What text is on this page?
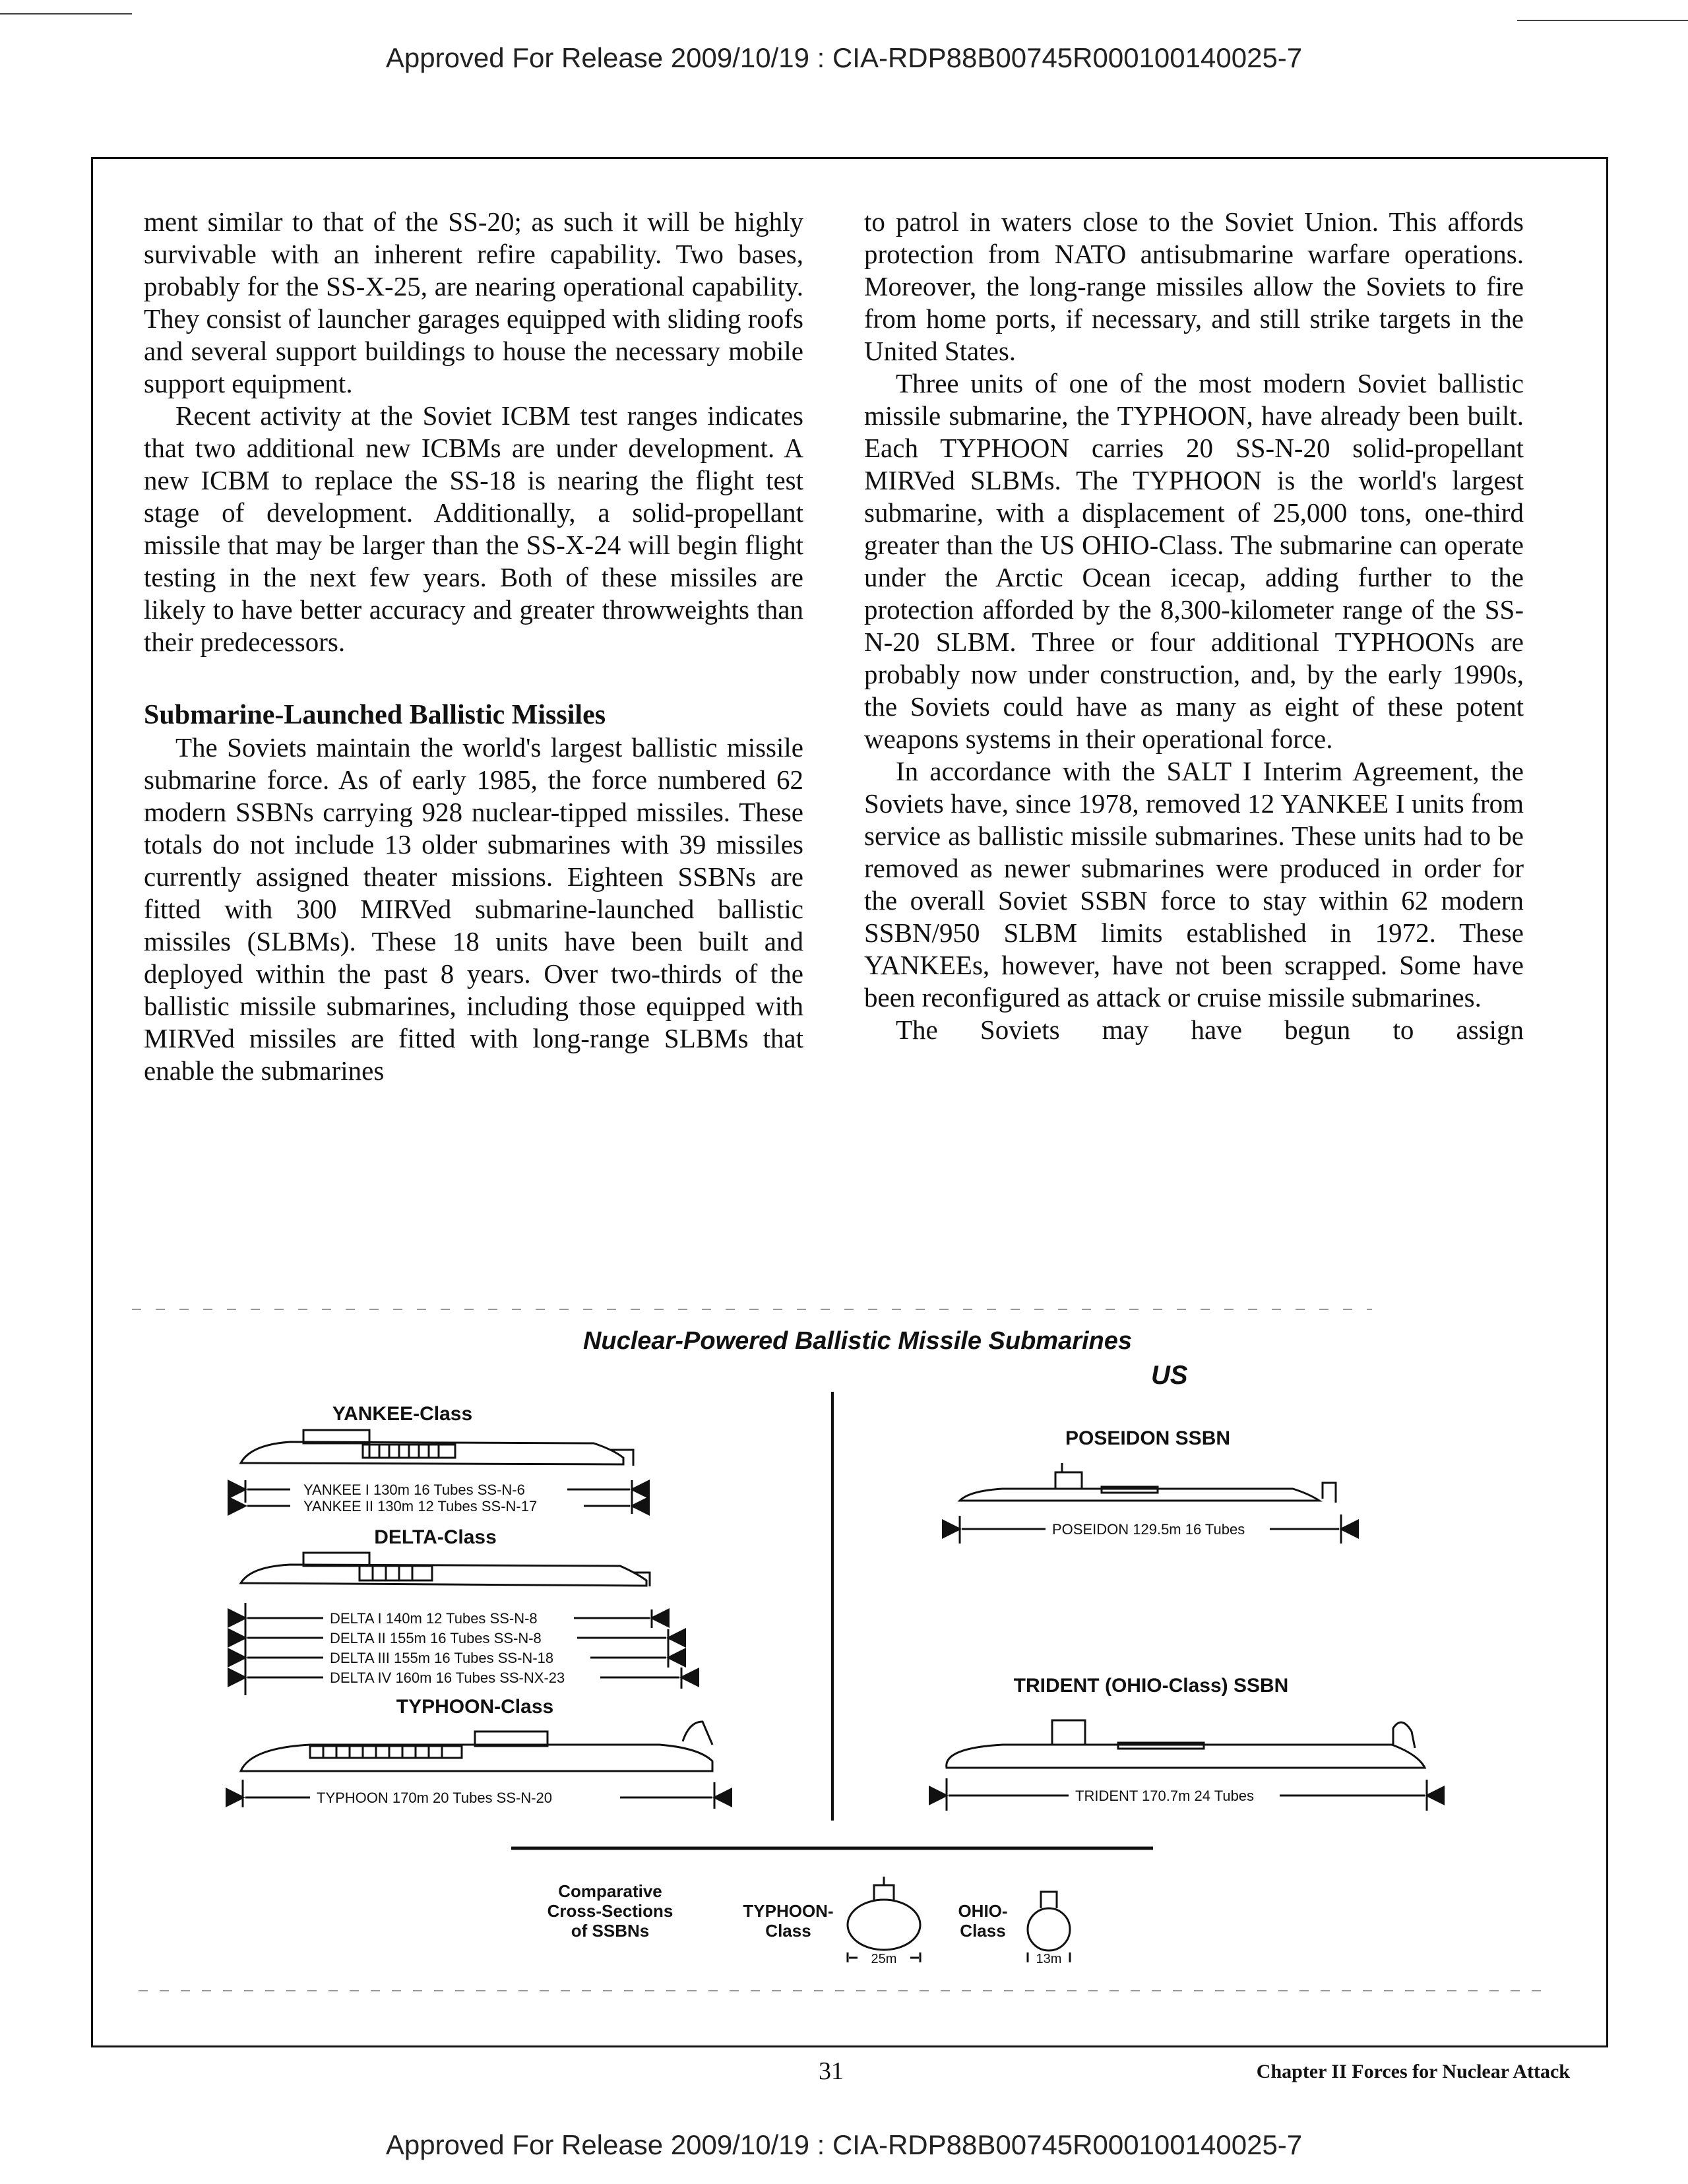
Approved For Release 2009/10/19 : CIA-RDP88B00745R000100140025-7

ment similar to that of the SS-20; as such it will be highly survivable with an inherent refire capability. Two bases, probably for the SS-X-25, are nearing operational capability. They consist of launcher garages equipped with sliding roofs and several support buildings to house the necessary mobile support equipment.

Recent activity at the Soviet ICBM test ranges indicates that two additional new ICBMs are under development. A new ICBM to replace the SS-18 is nearing the flight test stage of development. Additionally, a solid-propellant missile that may be larger than the SS-X-24 will begin flight testing in the next few years. Both of these missiles are likely to have better accuracy and greater throwweights than their predecessors.

Submarine-Launched Ballistic Missiles

The Soviets maintain the world's largest ballistic missile submarine force. As of early 1985, the force numbered 62 modern SSBNs carrying 928 nuclear-tipped missiles. These totals do not include 13 older submarines with 39 missiles currently assigned theater missions. Eighteen SSBNs are fitted with 300 MIRVed submarine-launched ballistic missiles (SLBMs). These 18 units have been built and deployed within the past 8 years. Over two-thirds of the ballistic missile submarines, including those equipped with MIRVed missiles are fitted with long-range SLBMs that enable the submarines

to patrol in waters close to the Soviet Union. This affords protection from NATO antisubmarine warfare operations. Moreover, the long-range missiles allow the Soviets to fire from home ports, if necessary, and still strike targets in the United States.

Three units of one of the most modern Soviet ballistic missile submarine, the TYPHOON, have already been built. Each TYPHOON carries 20 SS-N-20 solid-propellant MIRVed SLBMs. The TYPHOON is the world's largest submarine, with a displacement of 25,000 tons, one-third greater than the US OHIO-Class. The submarine can operate under the Arctic Ocean icecap, adding further to the protection afforded by the 8,300-kilometer range of the SS-N-20 SLBM. Three or four additional TYPHOONs are probably now under construction, and, by the early 1990s, the Soviets could have as many as eight of these potent weapons systems in their operational force.

In accordance with the SALT I Interim Agreement, the Soviets have, since 1978, removed 12 YANKEE I units from service as ballistic missile submarines. These units had to be removed as newer submarines were produced in order for the overall Soviet SSBN force to stay within 62 modern SSBN/950 SLBM limits established in 1972. These YANKEEs, however, have not been scrapped. Some have been reconfigured as attack or cruise missile submarines.

The Soviets may have begun to assign

Nuclear-Powered Ballistic Missile Submarines
US
YANKEE-Class
YANKEE I 130m 16 Tubes SS-N-6
YANKEE II 130m 12 Tubes SS-N-17
DELTA-Class
DELTA I 140m 12 Tubes SS-N-8
DELTA II 155m 16 Tubes SS-N-8
DELTA III 155m 16 Tubes SS-N-18
DELTA IV 160m 16 Tubes SS-NX-23
TYPHOON-Class
TYPHOON 170m 20 Tubes SS-N-20
POSEIDON SSBN
POSEIDON 129.5m 16 Tubes
TRIDENT (OHIO-Class) SSBN
TRIDENT 170.7m 24 Tubes
Comparative
Cross-Sections
of SSBNs
TYPHOON-
Class
25m
OHIO-
Class
13m
31	Chapter II Forces for Nuclear Attack
Approved For Release 2009/10/19 : CIA-RDP88B00745R000100140025-7
